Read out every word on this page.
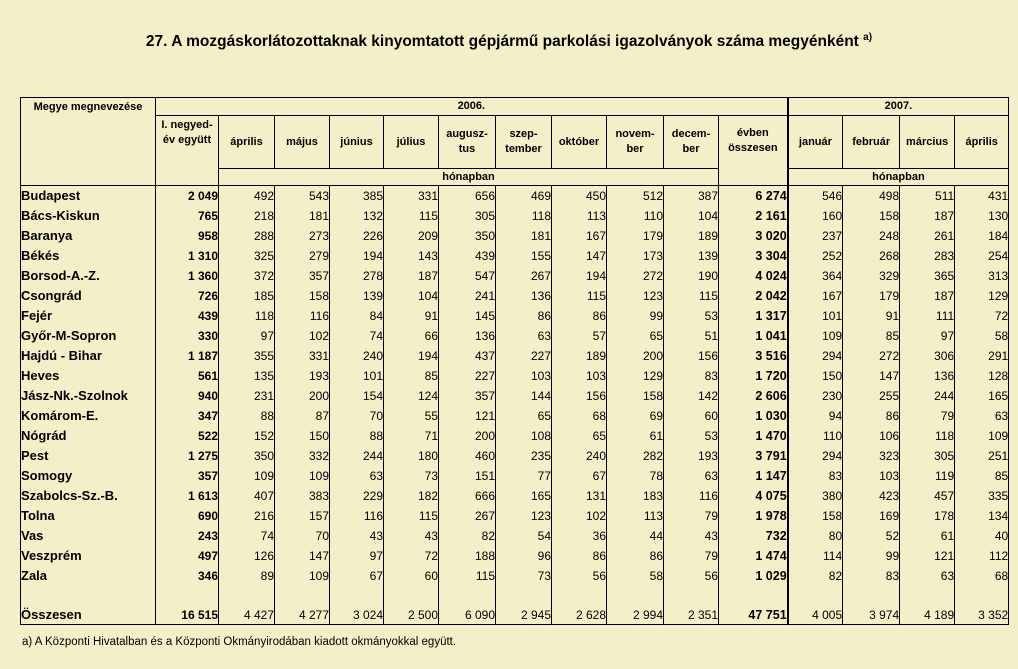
27. A mozgáskorlátozottaknak kinyomtatott gépjármű parkolási igazolványok száma megyénként $^{a)}$
Megye megnevezése	2006.											2007.			
	I. negyed- év együtt	április	május	június	július	augusz- tus	szep- tember	október	novem- ber	decem- ber	évben összesen	január	február	március	április
		hónapban										hónapban			
Budapest	2 049	492	543	385	331	656	469	450	512	387	6 274	546	498	511	431
Bács-Kiskun	765	218	181	132	115	305	118	113	110	104	2 161	160	158	187	130
Baranya	958	288	273	226	209	350	181	167	179	189	3 020	237	248	261	184
Békés	1 310	325	279	194	143	439	155	147	173	139	3 304	252	268	283	254
Borsod-A.-Z.	1 360	372	357	278	187	547	267	194	272	190	4 024	364	329	365	313
Csongrád	726	185	158	139	104	241	136	115	123	115	2 042	167	179	187	129
Fejér	439	118	116	84	91	145	86	86	99	53	1 317	101	91	111	72
Győr-M-Sopron	330	97	102	74	66	136	63	57	65	51	1 041	109	85	97	58
Hajdú - Bihar	1 187	355	331	240	194	437	227	189	200	156	3 516	294	272	306	291
Heves	561	135	193	101	85	227	103	103	129	83	1 720	150	147	136	128
Jász-Nk.-Szolnok	940	231	200	154	124	357	144	156	158	142	2 606	230	255	244	165
Komárom-E.	347	88	87	70	55	121	65	68	69	60	1 030	94	86	79	63
Nógrád	522	152	150	88	71	200	108	65	61	53	1 470	110	106	118	109
Pest	1 275	350	332	244	180	460	235	240	282	193	3 791	294	323	305	251
Somogy	357	109	109	63	73	151	77	67	78	63	1 147	83	103	119	85
Szabolcs-Sz.-B.	1 613	407	383	229	182	666	165	131	183	116	4 075	380	423	457	335
Tolna	690	216	157	116	115	267	123	102	113	79	1 978	158	169	178	134
Vas	243	74	70	43	43	82	54	36	44	43	732	80	52	61	40
Veszprém	497	126	147	97	72	188	96	86	86	79	1 474	114	99	121	112
Zala	346	89	109	67	60	115	73	56	58	56	1 029	82	83	63	68
Összesen	16 515	4 427	4 277	3 024	2 500	6 090	2 945	2 628	2 994	2 351	47 751	4 005	3 974	4 189	3 352
a) A Központi Hivatalban és a Központi Okmányirodában kiadott okmányokkal együtt.
